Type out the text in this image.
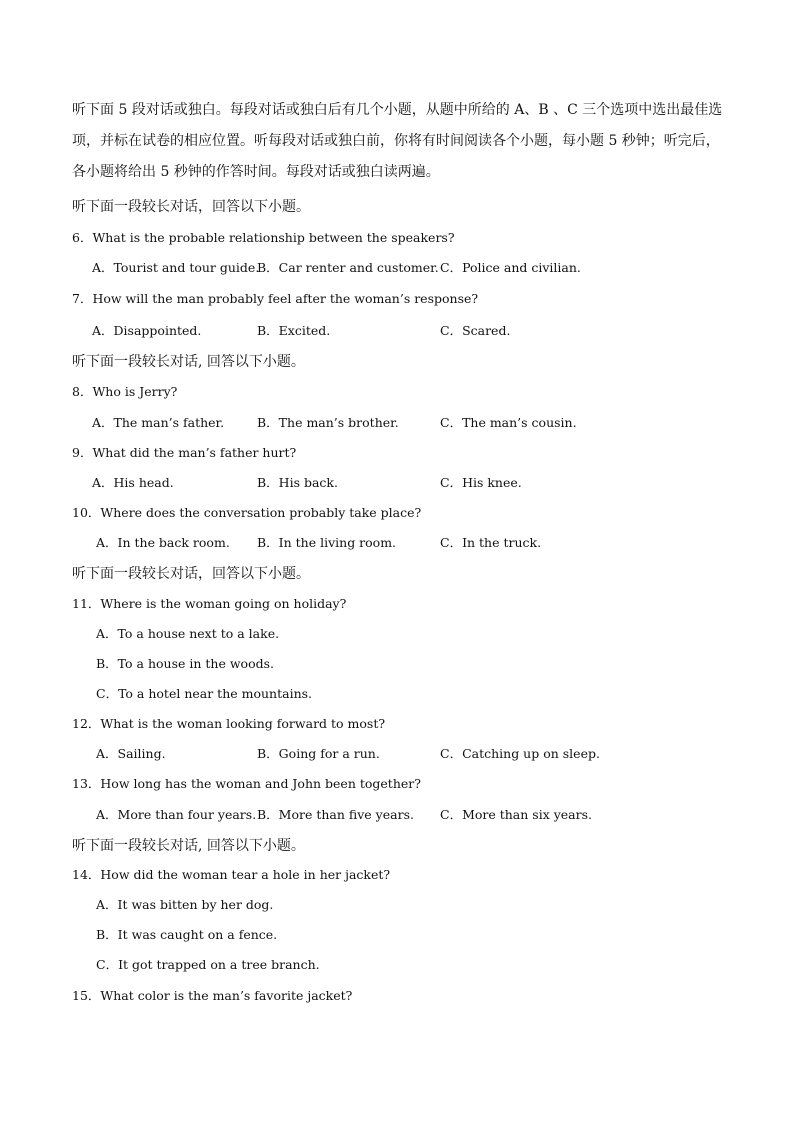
听下面 5 段对话或独白。每段对话或独白后有几个小题，从题中所给的 A、B 、C 三个选项中选出最佳选
项，并标在试卷的相应位置。听每段对话或独白前，你将有时间阅读各个小题，每小题 5 秒钟；听完后，
各小题将给出 5 秒钟的作答时间。每段对话或独白读两遍。
听下面一段较长对话，回答以下小题。
6．What is the probable relationship between the speakers?
A．Tourist and tour guide.
B．Car renter and customer. C．Police and civilian.
7．How will the man probably feel after the woman’s response?
A．Disappointed.	B．Excited.	C．Scared.
听下面一段较长对话, 回答以下小题。
8．Who is Jerry?
A．The man’s father.	B．The man’s brother.	C．The man’s cousin.
9．What did the man’s father hurt?
A．His head.	B．His back.	C．His knee.
10．Where does the conversation probably take place?
A．In the back room. B．In the living room.	C．In the truck.
听下面一段较长对话，回答以下小题。
11．Where is the woman going on holiday?
A．To a house next to a lake.
B．To a house in the woods.
C．To a hotel near the mountains.
12．What is the woman looking forward to most?
A．Sailing.	B．Going for a run.	C．Catching up on sleep.
13．How long has the woman and John been together?
A．More than four years. B．More than five years. C．More than six years.
听下面一段较长对话, 回答以下小题。
14．How did the woman tear a hole in her jacket?
A．It was bitten by her dog.
B．It was caught on a fence.
C．It got trapped on a tree branch.
15．What color is the man’s favorite jacket?
